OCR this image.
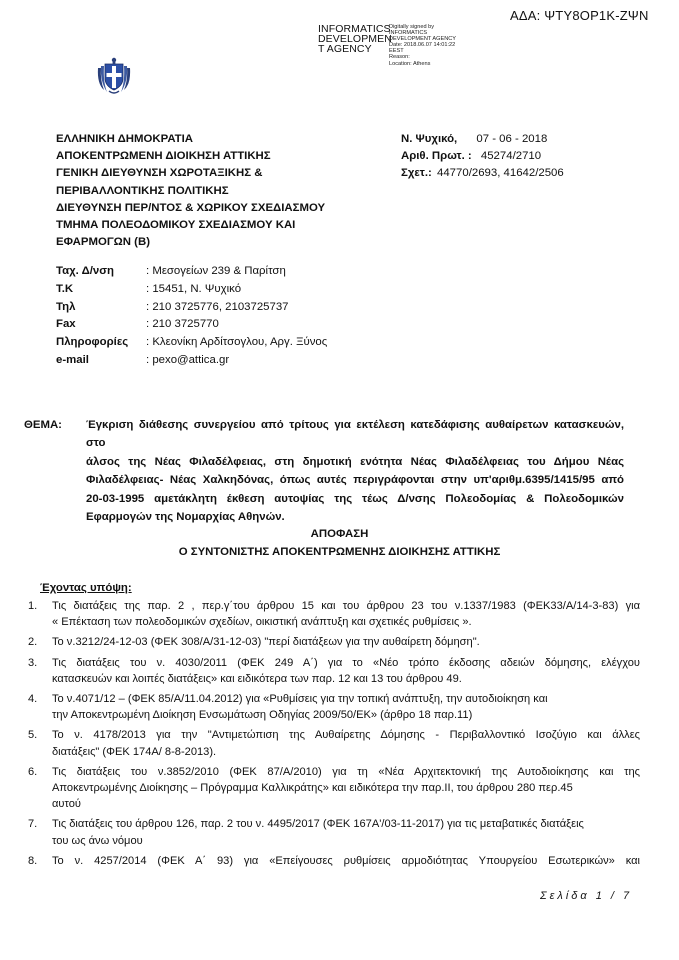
ΑΔΑ: ΨΤΥ8ΟΡ1Κ-ΖΨΝ
INFORMATICS
DEVELOPMEN
T AGENCY
Digitally signed by
INFORMATICS
DEVELOPMENT AGENCY
Date: 2018.06.07 14:01:22
EEST
Reason:
Location: Athens
ΕΛΛΗΝΙΚΗ ΔΗΜΟΚΡΑΤΙΑ
ΑΠΟΚΕΝΤΡΩΜΕΝΗ ΔΙΟΙΚΗΣΗ ΑΤΤΙΚΗΣ
ΓΕΝΙΚΗ ΔΙΕΥΘΥΝΣΗ ΧΩΡΟΤΑΞΙΚΗΣ &
ΠΕΡΙΒΑΛΛΟΝΤΙΚΗΣ ΠΟΛΙΤΙΚΗΣ
ΔΙΕΥΘΥΝΣΗ ΠΕΡ/ΝΤΟΣ & ΧΩΡΙΚΟΥ ΣΧΕΔΙΑΣΜΟΥ
ΤΜΗΜΑ ΠΟΛΕΟΔΟΜΙΚΟΥ ΣΧΕΔΙΑΣΜΟΥ ΚΑΙ
ΕΦΑΡΜΟΓΩΝ (Β)
Ν. Ψυχικό, 07 - 06 - 2018
Αριθ. Πρωτ. : 45274/2710
Σχετ.: 44770/2693, 41642/2506
Ταχ. Δ/νση	: Μεσογείων 239 & Παρίτση
Τ.Κ	: 15451, Ν. Ψυχικό
Τηλ	: 210 3725776, 2103725737
Fax	: 210 3725770
Πληροφορίες	: Κλεονίκη Αρδίτσογλου, Αργ. Ξύνος
e-mail	: pexo@attica.gr
ΘΕΜΑ: Έγκριση διάθεσης συνεργείου από τρίτους για εκτέλεση κατεδάφισης αυθαίρετων κατασκευών, στο
άλσος της Νέας Φιλαδέλφειας, στη δημοτική ενότητα Νέας Φιλαδέλφειας του Δήμου Νέας
Φιλαδέλφειας- Νέας Χαλκηδόνας, όπως αυτές περιγράφονται στην υπ'αριθμ.6395/1415/95 από
20-03-1995 αμετάκλητη έκθεση αυτοψίας της τέως Δ/νσης Πολεοδομίας & Πολεοδομικών
Εφαρμογών της Νομαρχίας Αθηνών.
ΑΠΟΦΑΣΗ
Ο ΣΥΝΤΟΝΙΣΤΗΣ ΑΠΟΚΕΝΤΡΩΜΕΝΗΣ ΔΙΟΙΚΗΣΗΣ ΑΤΤΙΚΗΣ
Έχοντας υπόψη:
1. Τις διατάξεις της παρ. 2 , περ.γ΄του άρθρου 15 και του άρθρου 23 του ν.1337/1983 (ΦΕΚ33/Α/14-3-83) για
« Επέκταση των πολεοδομικών σχεδίων, οικιστική ανάπτυξη και σχετικές ρυθμίσεις ».
2. Το ν.3212/24-12-03 (ΦΕΚ 308/Α/31-12-03) "περί διατάξεων για την αυθαίρετη δόμηση".
3. Τις διατάξεις του ν. 4030/2011 (ΦΕΚ 249 Α΄) για το «Νέο τρόπο έκδοσης αδειών δόμησης, ελέγχου
κατασκευών και λοιπές διατάξεις» και ειδικότερα των παρ. 12 και 13 του άρθρου 49.
4. Το ν.4071/12 – (ΦΕΚ 85/Α/11.04.2012) για «Ρυθμίσεις για την τοπική ανάπτυξη, την αυτοδιοίκηση και
την Αποκεντρωμένη Διοίκηση Ενσωμάτωση Οδηγίας 2009/50/ΕΚ» (άρθρο 18 παρ.11)
5. Το ν. 4178/2013 για την "Αντιμετώπιση της Αυθαίρετης Δόμησης - Περιβαλλοντικό Ισοζύγιο και άλλες
διατάξεις" (ΦΕΚ 174Α/ 8-8-2013).
6. Τις διατάξεις του ν.3852/2010 (ΦΕΚ 87/Α/2010) για τη «Νέα Αρχιτεκτονική της Αυτοδιοίκησης και της
Αποκεντρωμένης Διοίκησης – Πρόγραμμα Καλλικράτης» και ειδικότερα την παρ.ΙΙ, του άρθρου 280 περ.45
αυτού
7. Τις διατάξεις του άρθρου 126, παρ. 2 του ν. 4495/2017 (ΦΕΚ 167Α'/03-11-2017) για τις μεταβατικές διατάξεις
του ως άνω νόμου
8. Το ν. 4257/2014 (ΦΕΚ Α΄ 93) για «Επείγουσες ρυθμίσεις αρμοδιότητας Υπουργείου Εσωτερικών» και
Σελίδα 1 / 7
